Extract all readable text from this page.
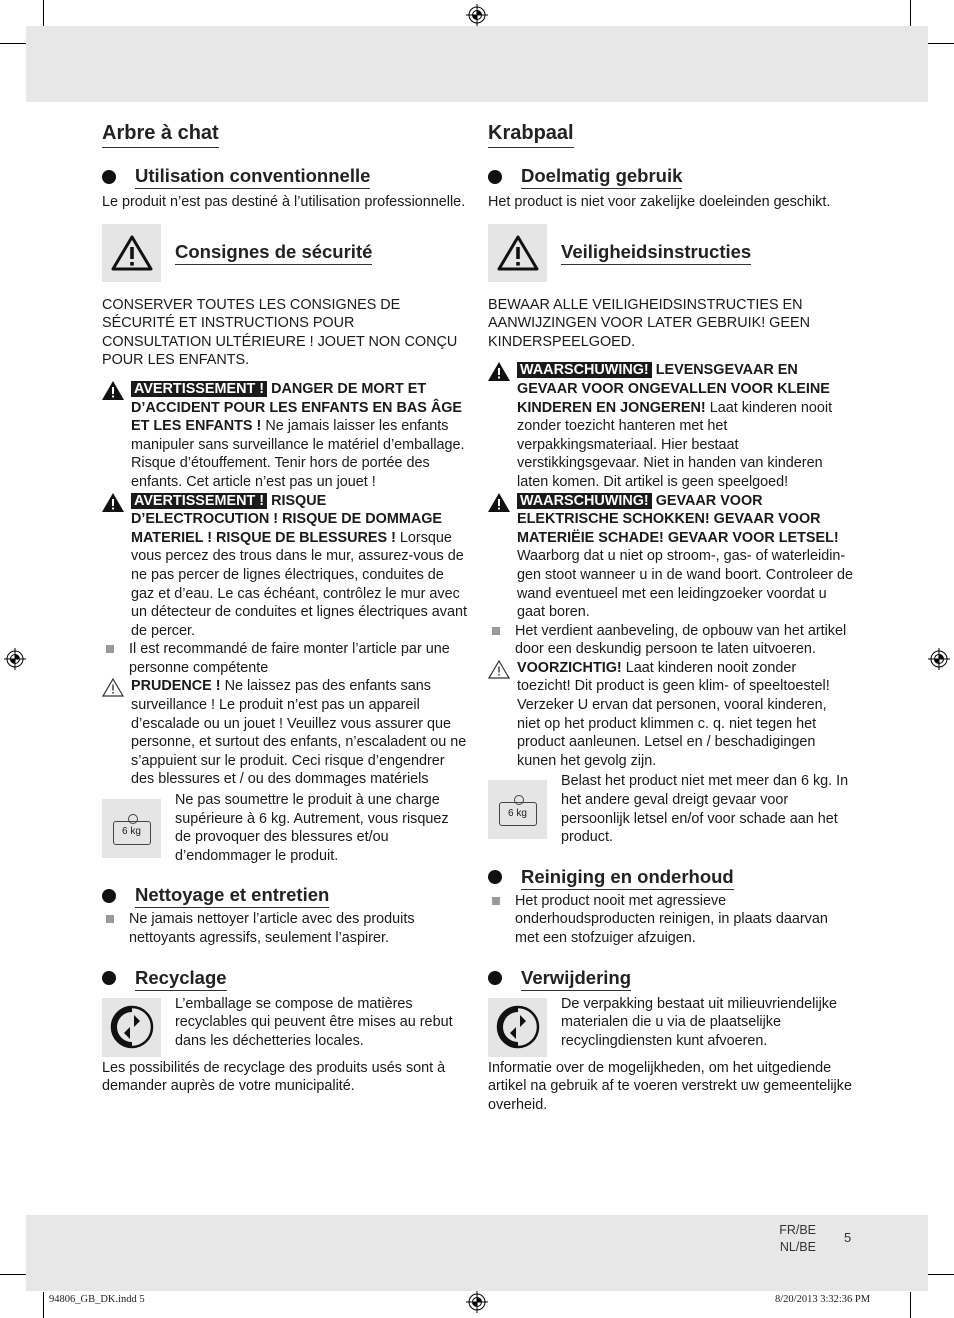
Arbre à chat
Utilisation conventionnelle

Le produit n’est pas destiné à l’utilisation professionnelle.

Consignes de sécurité

CONSERVER TOUTES LES CONSIGNES DE SÉCURITÉ ET INSTRUCTIONS POUR CONSULTATION ULTÉRIEURE ! JOUET NON CONÇU POUR LES ENFANTS.

AVERTISSEMENT ! DANGER DE MORT ET D’ACCIDENT POUR LES ENFANTS EN BAS ÂGE ET LES ENFANTS ! Ne jamais laisser les enfants manipuler sans surveillance le matériel d’emballage. Risque d’étouffement. Tenir hors de portée des enfants. Cet article n’est pas un jouet !
AVERTISSEMENT ! RISQUE D’ELECTROCUTION ! RISQUE DE DOMMAGE MATERIEL ! RISQUE DE BLESSURES ! Lorsque vous percez des trous dans le mur, assurez-vous de ne pas percer de lignes électriques, conduites de gaz et d’eau. Le cas échéant, contrôlez le mur avec un détecteur de conduites et lignes électriques avant de percer.

Il est recommandé de faire monter l’article par une personne compétente

PRUDENCE ! Ne laissez pas des enfants sans surveillance ! Le produit n’est pas un appareil d’escalade ou un jouet ! Veuillez vous assurer que personne, et surtout des enfants, n’escaladent ou ne s’appuient sur le produit. Ceci risque d’engendrer des blessures et / ou des dommages matériels
6 kg

Ne pas soumettre le produit à une charge supérieure à 6 kg. Autrement, vous risquez de provoquer des blessures et/ou d’endommager le produit.

Nettoyage et entretien

Ne jamais nettoyer l’article avec des produits nettoyants agressifs, seulement l’aspirer.

Recyclage

L’emballage se compose de matières recyclables qui peuvent être mises au rebut dans les déchetteries locales.

Les possibilités de recyclage des produits usés sont à demander auprès de votre municipalité.

Krabpaal
Doelmatig gebruik

Het product is niet voor zakelijke doeleinden geschikt.

Veiligheidsinstructies

BEWAAR ALLE VEILIGHEIDSINSTRUCTIES EN AANWIJZINGEN VOOR LATER GEBRUIK! GEEN KINDERSPEELGOED.

WAARSCHUWING! LEVENSGEVAAR EN GEVAAR VOOR ONGEVALLEN VOOR KLEINE KINDEREN EN JONGEREN! Laat kinderen nooit zonder toezicht hanteren met het verpakkingsmateriaal. Hier bestaat verstikkingsgevaar. Niet in handen van kinderen laten komen. Dit artikel is geen speelgoed!
WAARSCHUWING! GEVAAR VOOR ELEKTRISCHE SCHOKKEN! GEVAAR VOOR MATERIËIE SCHADE! GEVAAR VOOR LETSEL! Waarborg dat u niet op stroom-, gas- of waterleidin-gen stoot wanneer u in de wand boort. Controleer de wand eventueel met een leidingzoeker voordat u gaat boren.

Het verdient aanbeveling, de opbouw van het artikel door een deskundig persoon te laten uitvoeren.

VOORZICHTIG! Laat kinderen nooit zonder toezicht! Dit product is geen klim- of speeltoestel! Verzeker U ervan dat personen, vooral kinderen, niet op het product klimmen c. q. niet tegen het product aanleunen. Letsel en / beschadigingen kunen het gevolg zijn.
6 kg

Belast het product niet met meer dan 6 kg. In het andere geval dreigt gevaar voor persoonlijk letsel en/of voor schade aan het product.

Reiniging en onderhoud

Het product nooit met agressieve onderhoudsproducten reinigen, in plaats daarvan met een stofzuiger afzuigen.

Verwijdering

De verpakking bestaat uit milieuvriendelijke materialen die u via de plaatselijke recyclingdiensten kunt afvoeren.

Informatie over de mogelijkheden, om het uitgediende artikel na gebruik af te voeren verstrekt uw gemeentelijke overheid.

FR/BE
NL/BE
5
94806_GB_DK.indd 5	8/20/2013 3:32:36 PM
